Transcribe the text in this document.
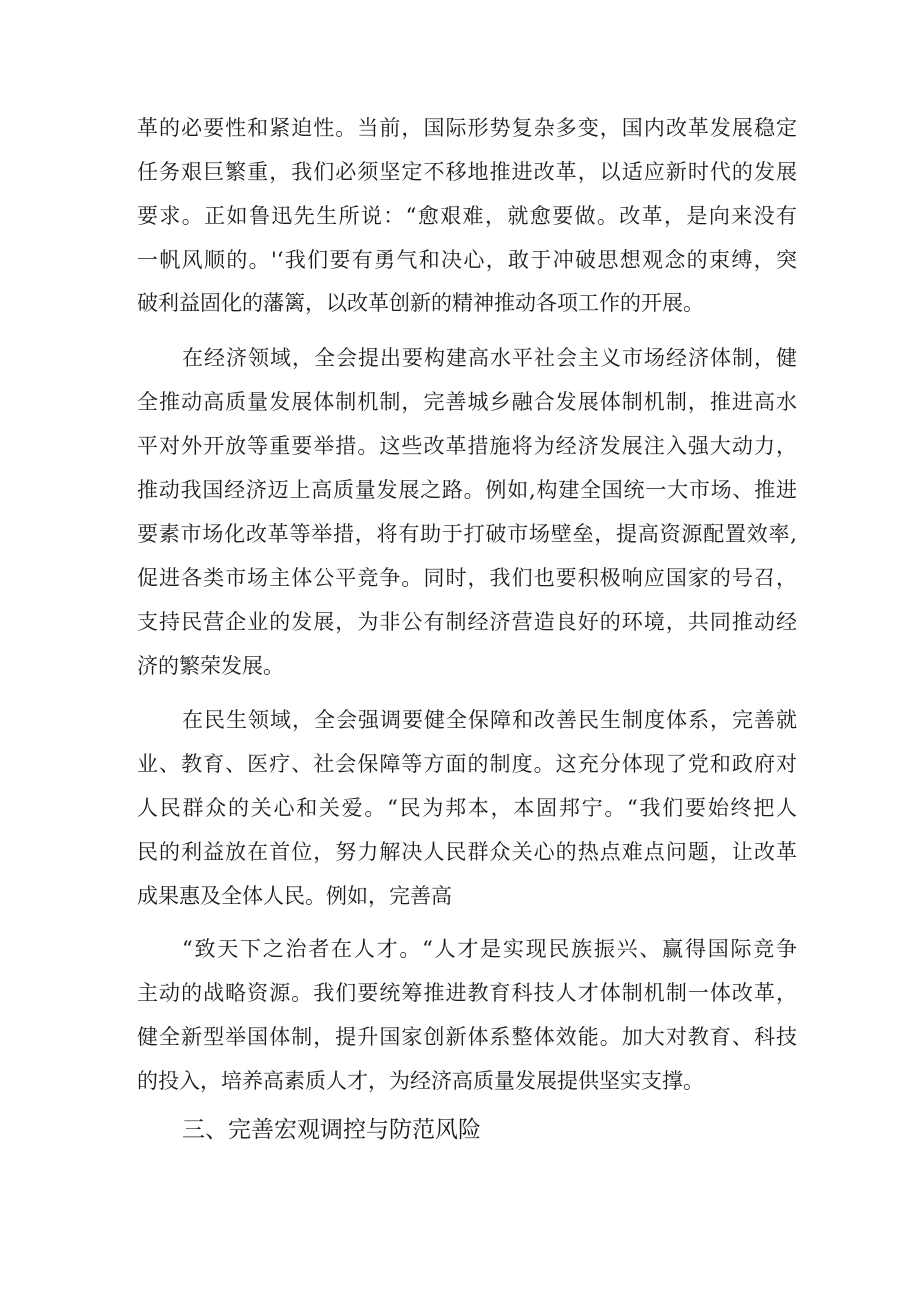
革的必要性和紧迫性。当前，国际形势复杂多变，国内改革发展稳定
任务艰巨繁重，我们必须坚定不移地推进改革，以适应新时代的发展
要求。正如鲁迅先生所说：“愈艰难，就愈要做。改革，是向来没有
一帆风顺的。'‘我们要有勇气和决心，敢于冲破思想观念的束缚，突
破利益固化的藩篱，以改革创新的精神推动各项工作的开展。
在经济领域，全会提出要构建高水平社会主义市场经济体制，健
全推动高质量发展体制机制，完善城乡融合发展体制机制，推进高水
平对外开放等重要举措。这些改革措施将为经济发展注入强大动力，
推动我国经济迈上高质量发展之路。例如,构建全国统一大市场、推进
要素市场化改革等举措，将有助于打破市场壁垒，提高资源配置效率,
促进各类市场主体公平竞争。同时，我们也要积极响应国家的号召，
支持民营企业的发展，为非公有制经济营造良好的环境，共同推动经
济的繁荣发展。
在民生领域，全会强调要健全保障和改善民生制度体系，完善就
业、教育、医疗、社会保障等方面的制度。这充分体现了党和政府对
人民群众的关心和关爱。“民为邦本，本固邦宁。“我们要始终把人
民的利益放在首位，努力解决人民群众关心的热点难点问题，让改革
成果惠及全体人民。例如，完善高
“致天下之治者在人才。“人才是实现民族振兴、赢得国际竞争
主动的战略资源。我们要统筹推进教育科技人才体制机制一体改革，
健全新型举国体制，提升国家创新体系整体效能。加大对教育、科技
的投入，培养高素质人才，为经济高质量发展提供坚实支撑。
三、完善宏观调控与防范风险
